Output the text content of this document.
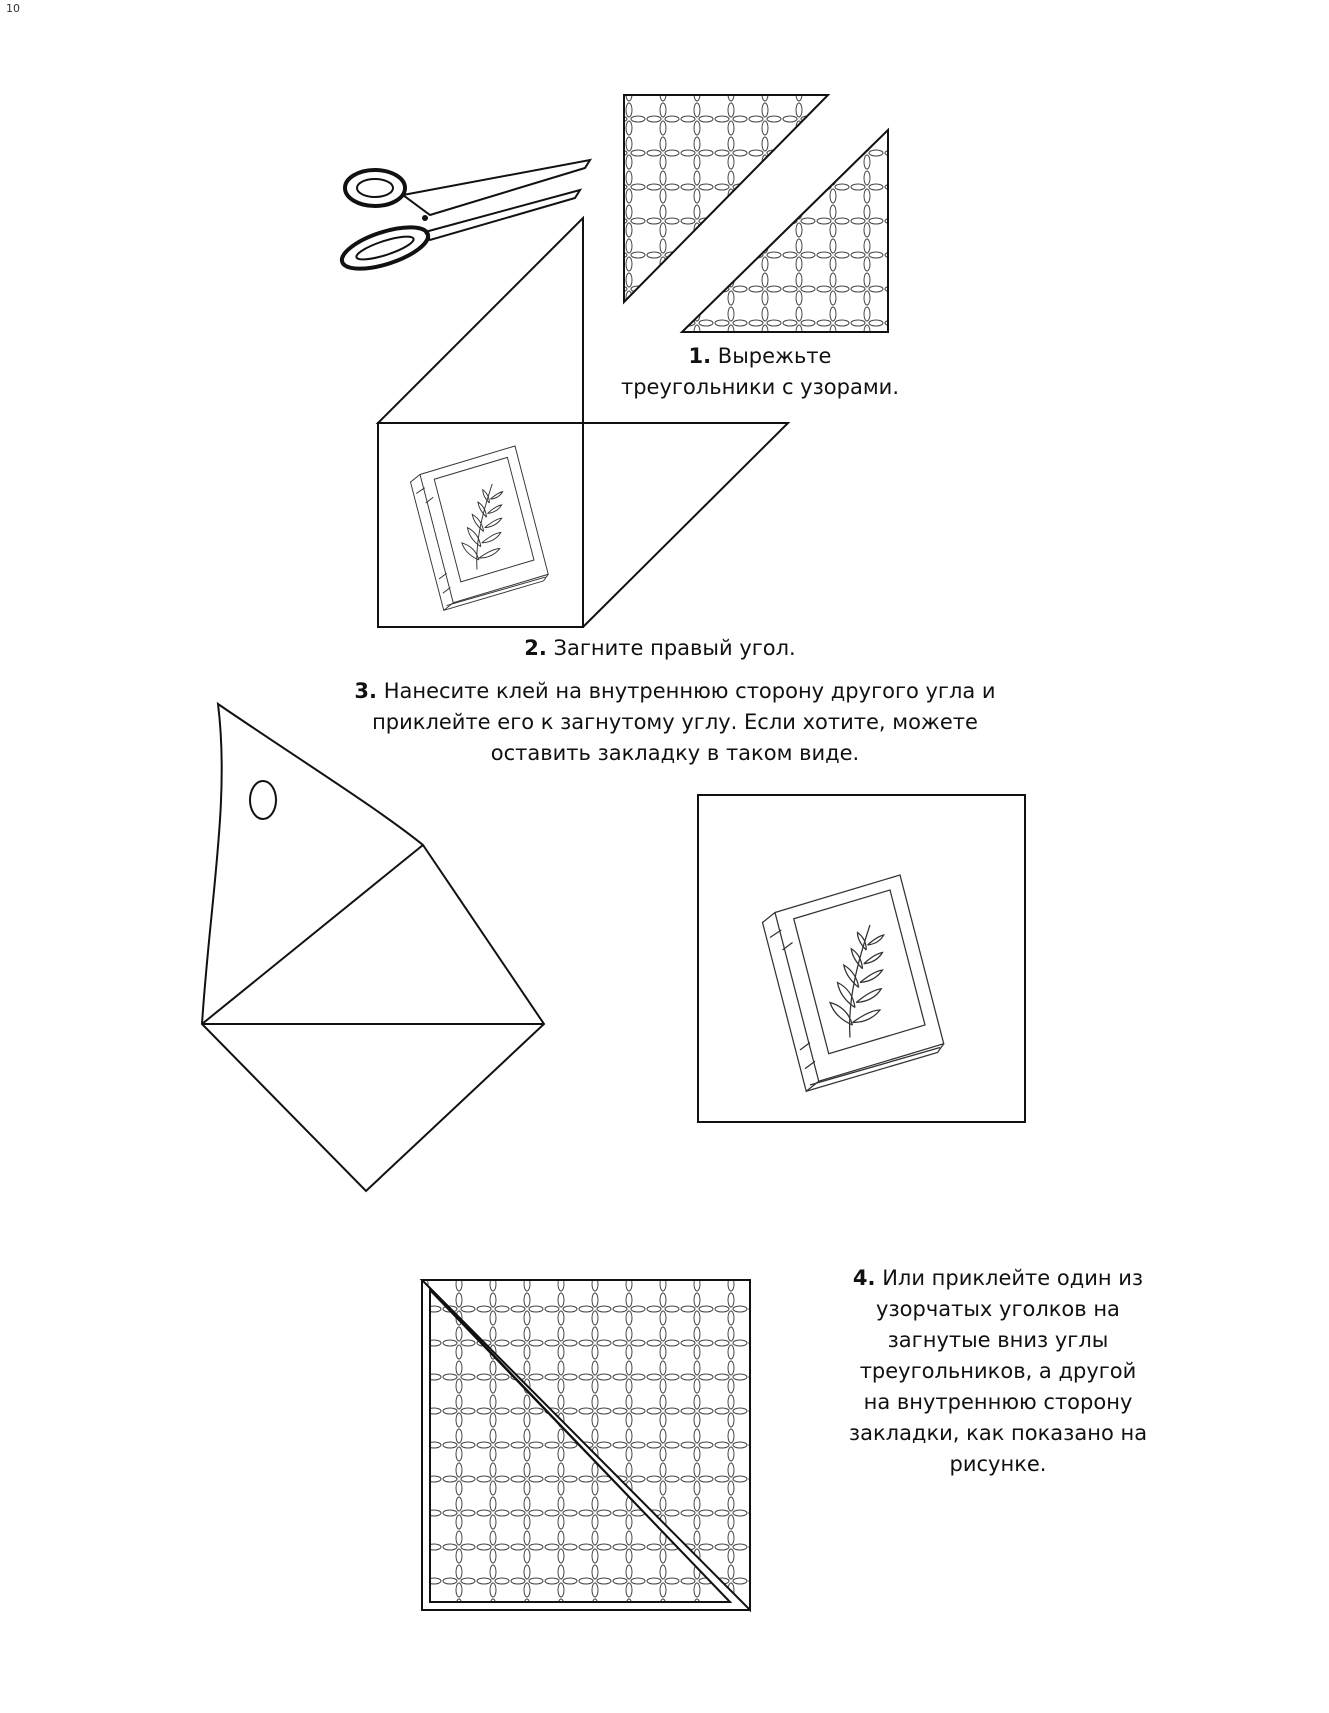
10
1. Вырежьте треугольники с узорами.
2. Загните правый угол.
3. Нанесите клей на внутреннюю сторону другого угла и приклейте его к загнутому углу. Если хотите, можете оставить закладку в таком виде.
4. Или приклейте один из узорчатых уголков на загнутые вниз углы треугольников, а другой на внутреннюю сторону закладки, как показано на рисунке.
